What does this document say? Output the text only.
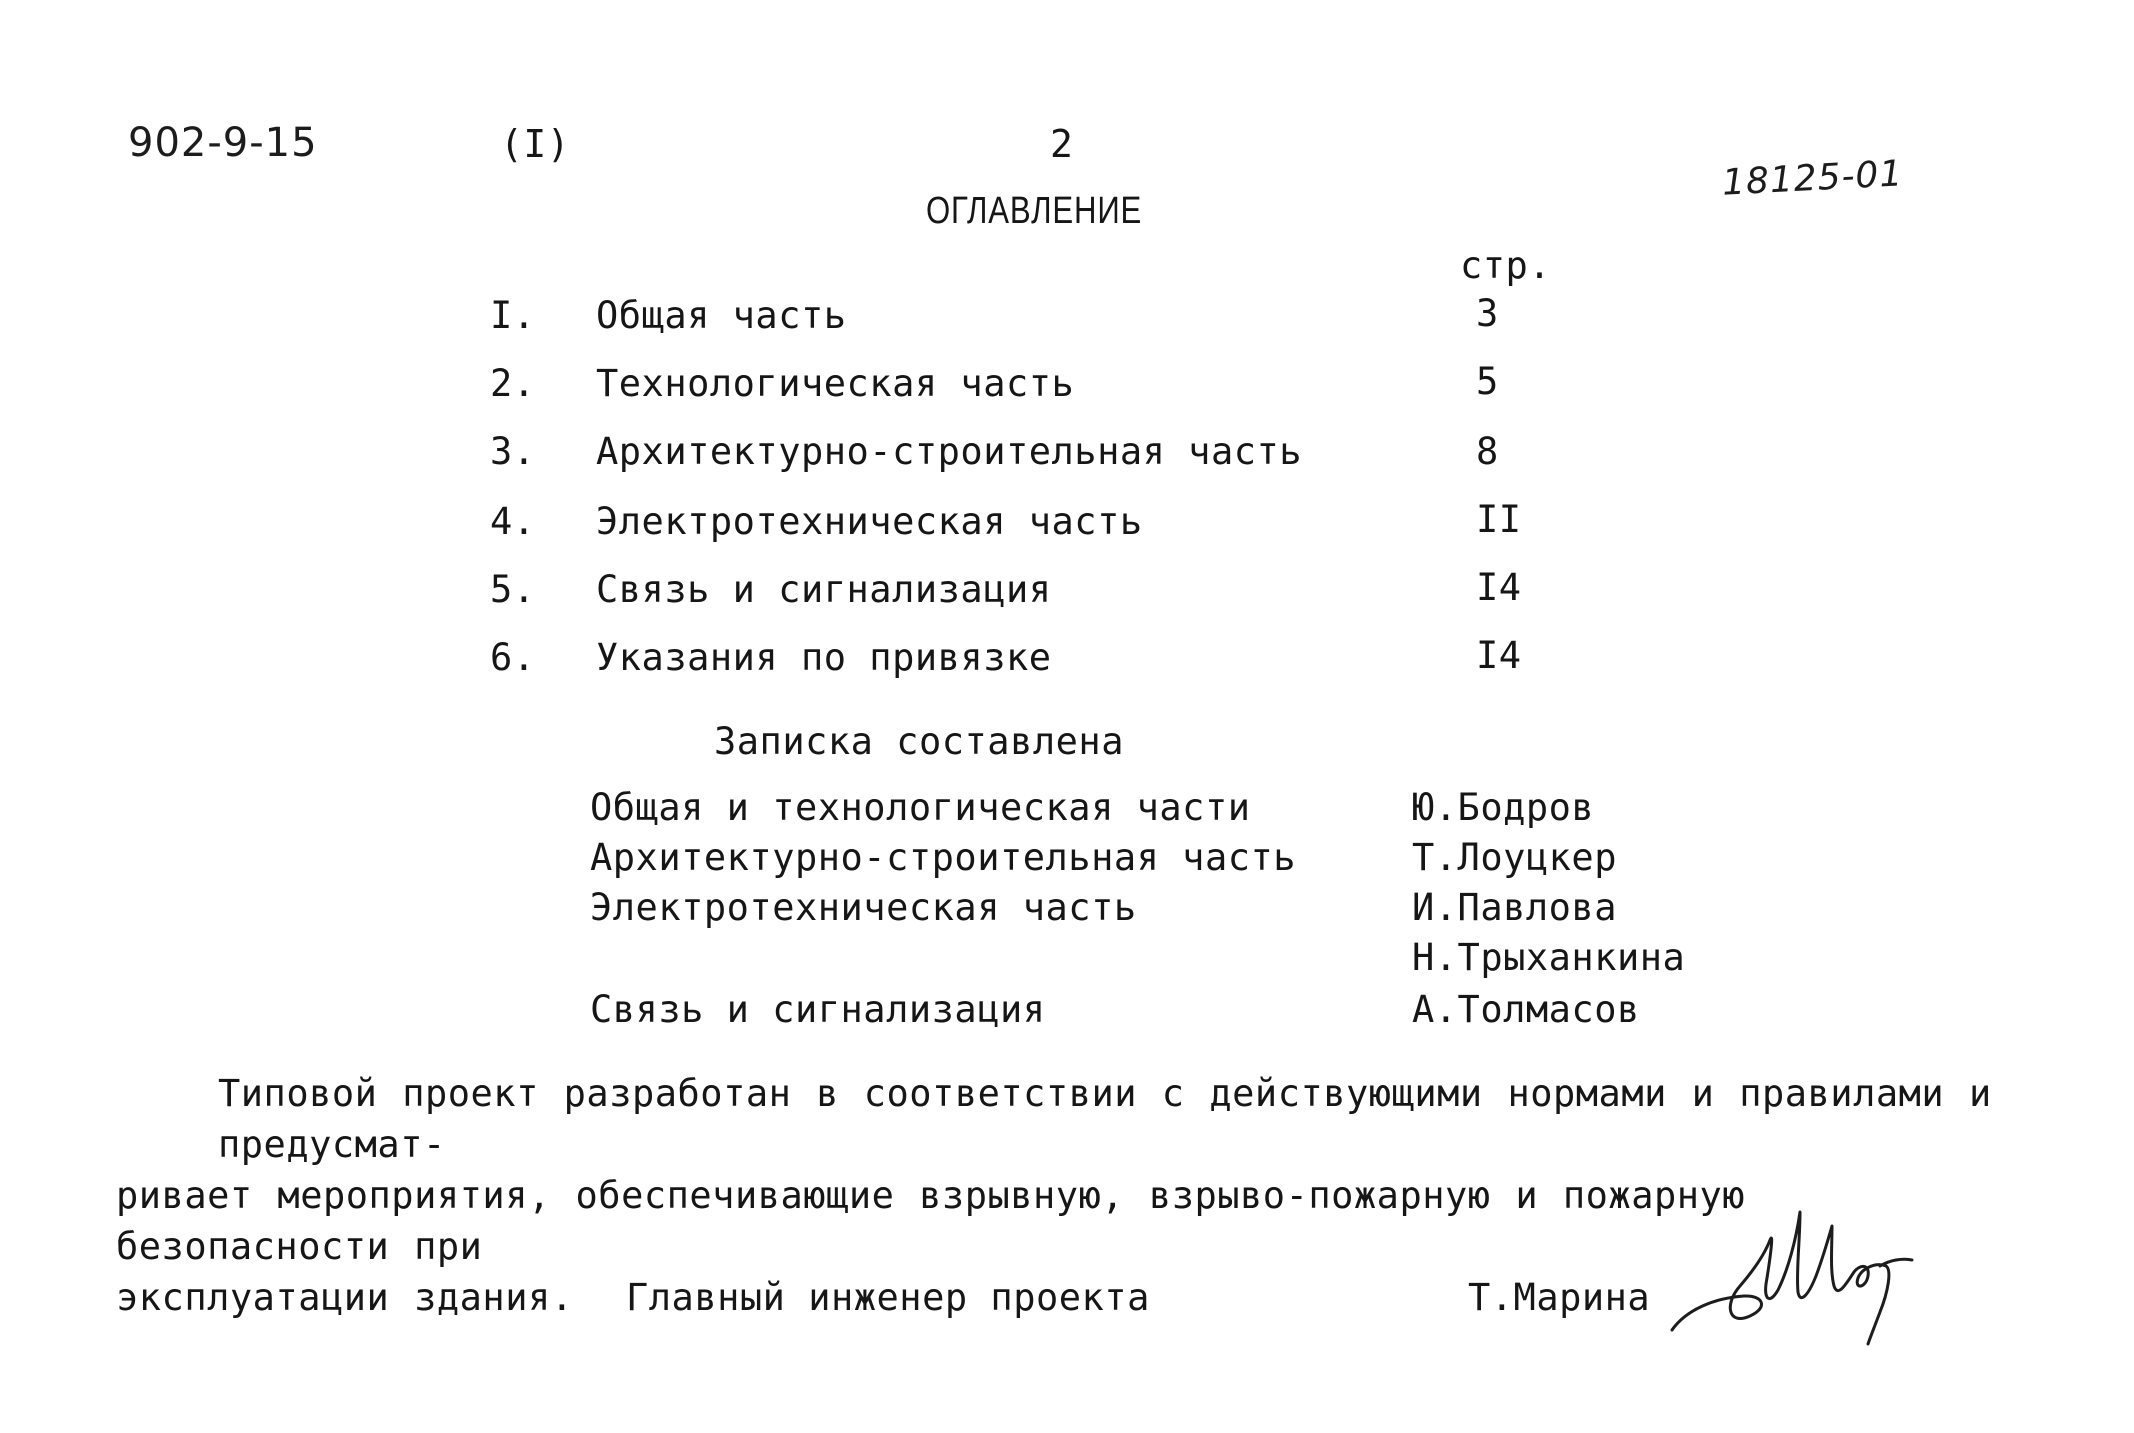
902-9-15	(I)	2
18125-01
ОГЛАВЛЕНИЕ
стр.
I. Общая часть	3
2. Технологическая часть	5
3. Архитектурно-строительная часть	8
4. Электротехническая часть	II
5. Связь и сигнализация	I4
6. Указания по привязке	I4
Записка составлена
Общая и технологическая части	Ю.Бодров
Архитектурно-строительная часть	Т.Лоуцкер
Электротехническая часть	И.Павлова
Н.Трыханкина
Связь и сигнализация	А.Толмасов

Типовой проект разработан в соответствии с действующими нормами и правилами и предусмат-

ривает мероприятия, обеспечивающие взрывную, взрыво-пожарную и пожарную безопасности при

эксплуатации здания.	Главный инженер проекта	Т.Марина
